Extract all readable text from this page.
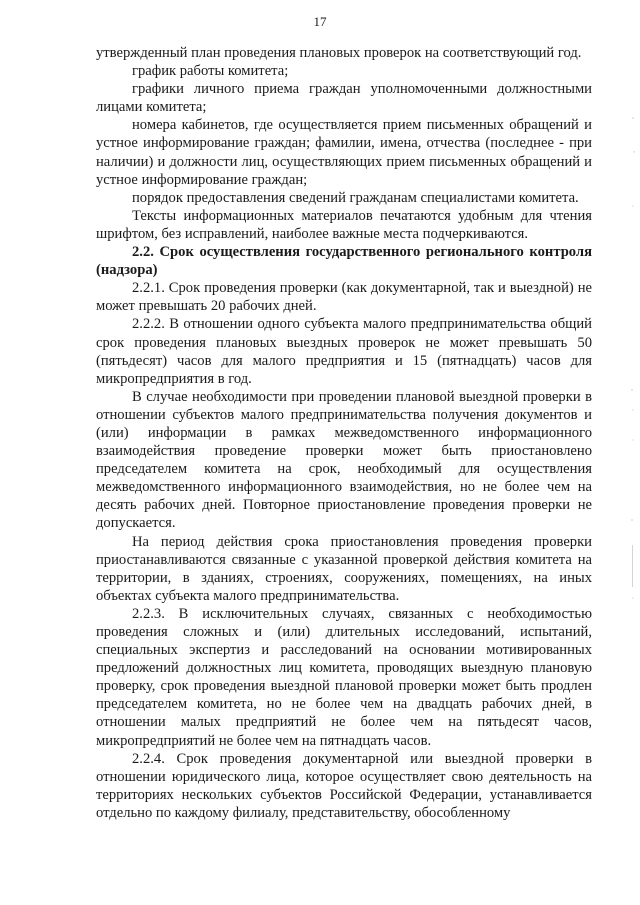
17

утвержденный план проведения плановых проверок на соответствующий год.

график работы комитета;

графики личного приема граждан уполномоченными должностными лицами комитета;

номера кабинетов, где осуществляется прием письменных обращений и устное информирование граждан; фамилии, имена, отчества (последнее - при наличии) и должности лиц, осуществляющих прием письменных обращений и устное информирование граждан;

порядок предоставления сведений гражданам специалистами комитета.

Тексты информационных материалов печатаются удобным для чтения шрифтом, без исправлений, наиболее важные места подчеркиваются.

2.2. Срок осуществления государственного регионального контроля (надзора)

2.2.1. Срок проведения проверки (как документарной, так и выездной) не может превышать 20 рабочих дней.

2.2.2. В отношении одного субъекта малого предпринимательства общий срок проведения плановых выездных проверок не может превышать 50 (пятьдесят) часов для малого предприятия и 15 (пятнадцать) часов для микропредприятия в год.

В случае необходимости при проведении плановой выездной проверки в отношении субъектов малого предпринимательства получения документов и (или) информации в рамках межведомственного информационного взаимодействия проведение проверки может быть приостановлено председателем комитета на срок, необходимый для осуществления межведомственного информационного взаимодействия, но не более чем на десять рабочих дней. Повторное приостановление проведения проверки не допускается.

На период действия срока приостановления проведения проверки приостанавливаются связанные с указанной проверкой действия комитета на территории, в зданиях, строениях, сооружениях, помещениях, на иных объектах субъекта малого предпринимательства.

2.2.3. В исключительных случаях, связанных с необходимостью проведения сложных и (или) длительных исследований, испытаний, специальных экспертиз и расследований на основании мотивированных предложений должностных лиц комитета, проводящих выездную плановую проверку, срок проведения выездной плановой проверки может быть продлен председателем комитета, но не более чем на двадцать рабочих дней, в отношении малых предприятий не более чем на пятьдесят часов, микропредприятий не более чем на пятнадцать часов.

2.2.4. Срок проведения документарной или выездной проверки в отношении юридического лица, которое осуществляет свою деятельность на территориях нескольких субъектов Российской Федерации, устанавливается отдельно по каждому филиалу, представительству, обособленному
